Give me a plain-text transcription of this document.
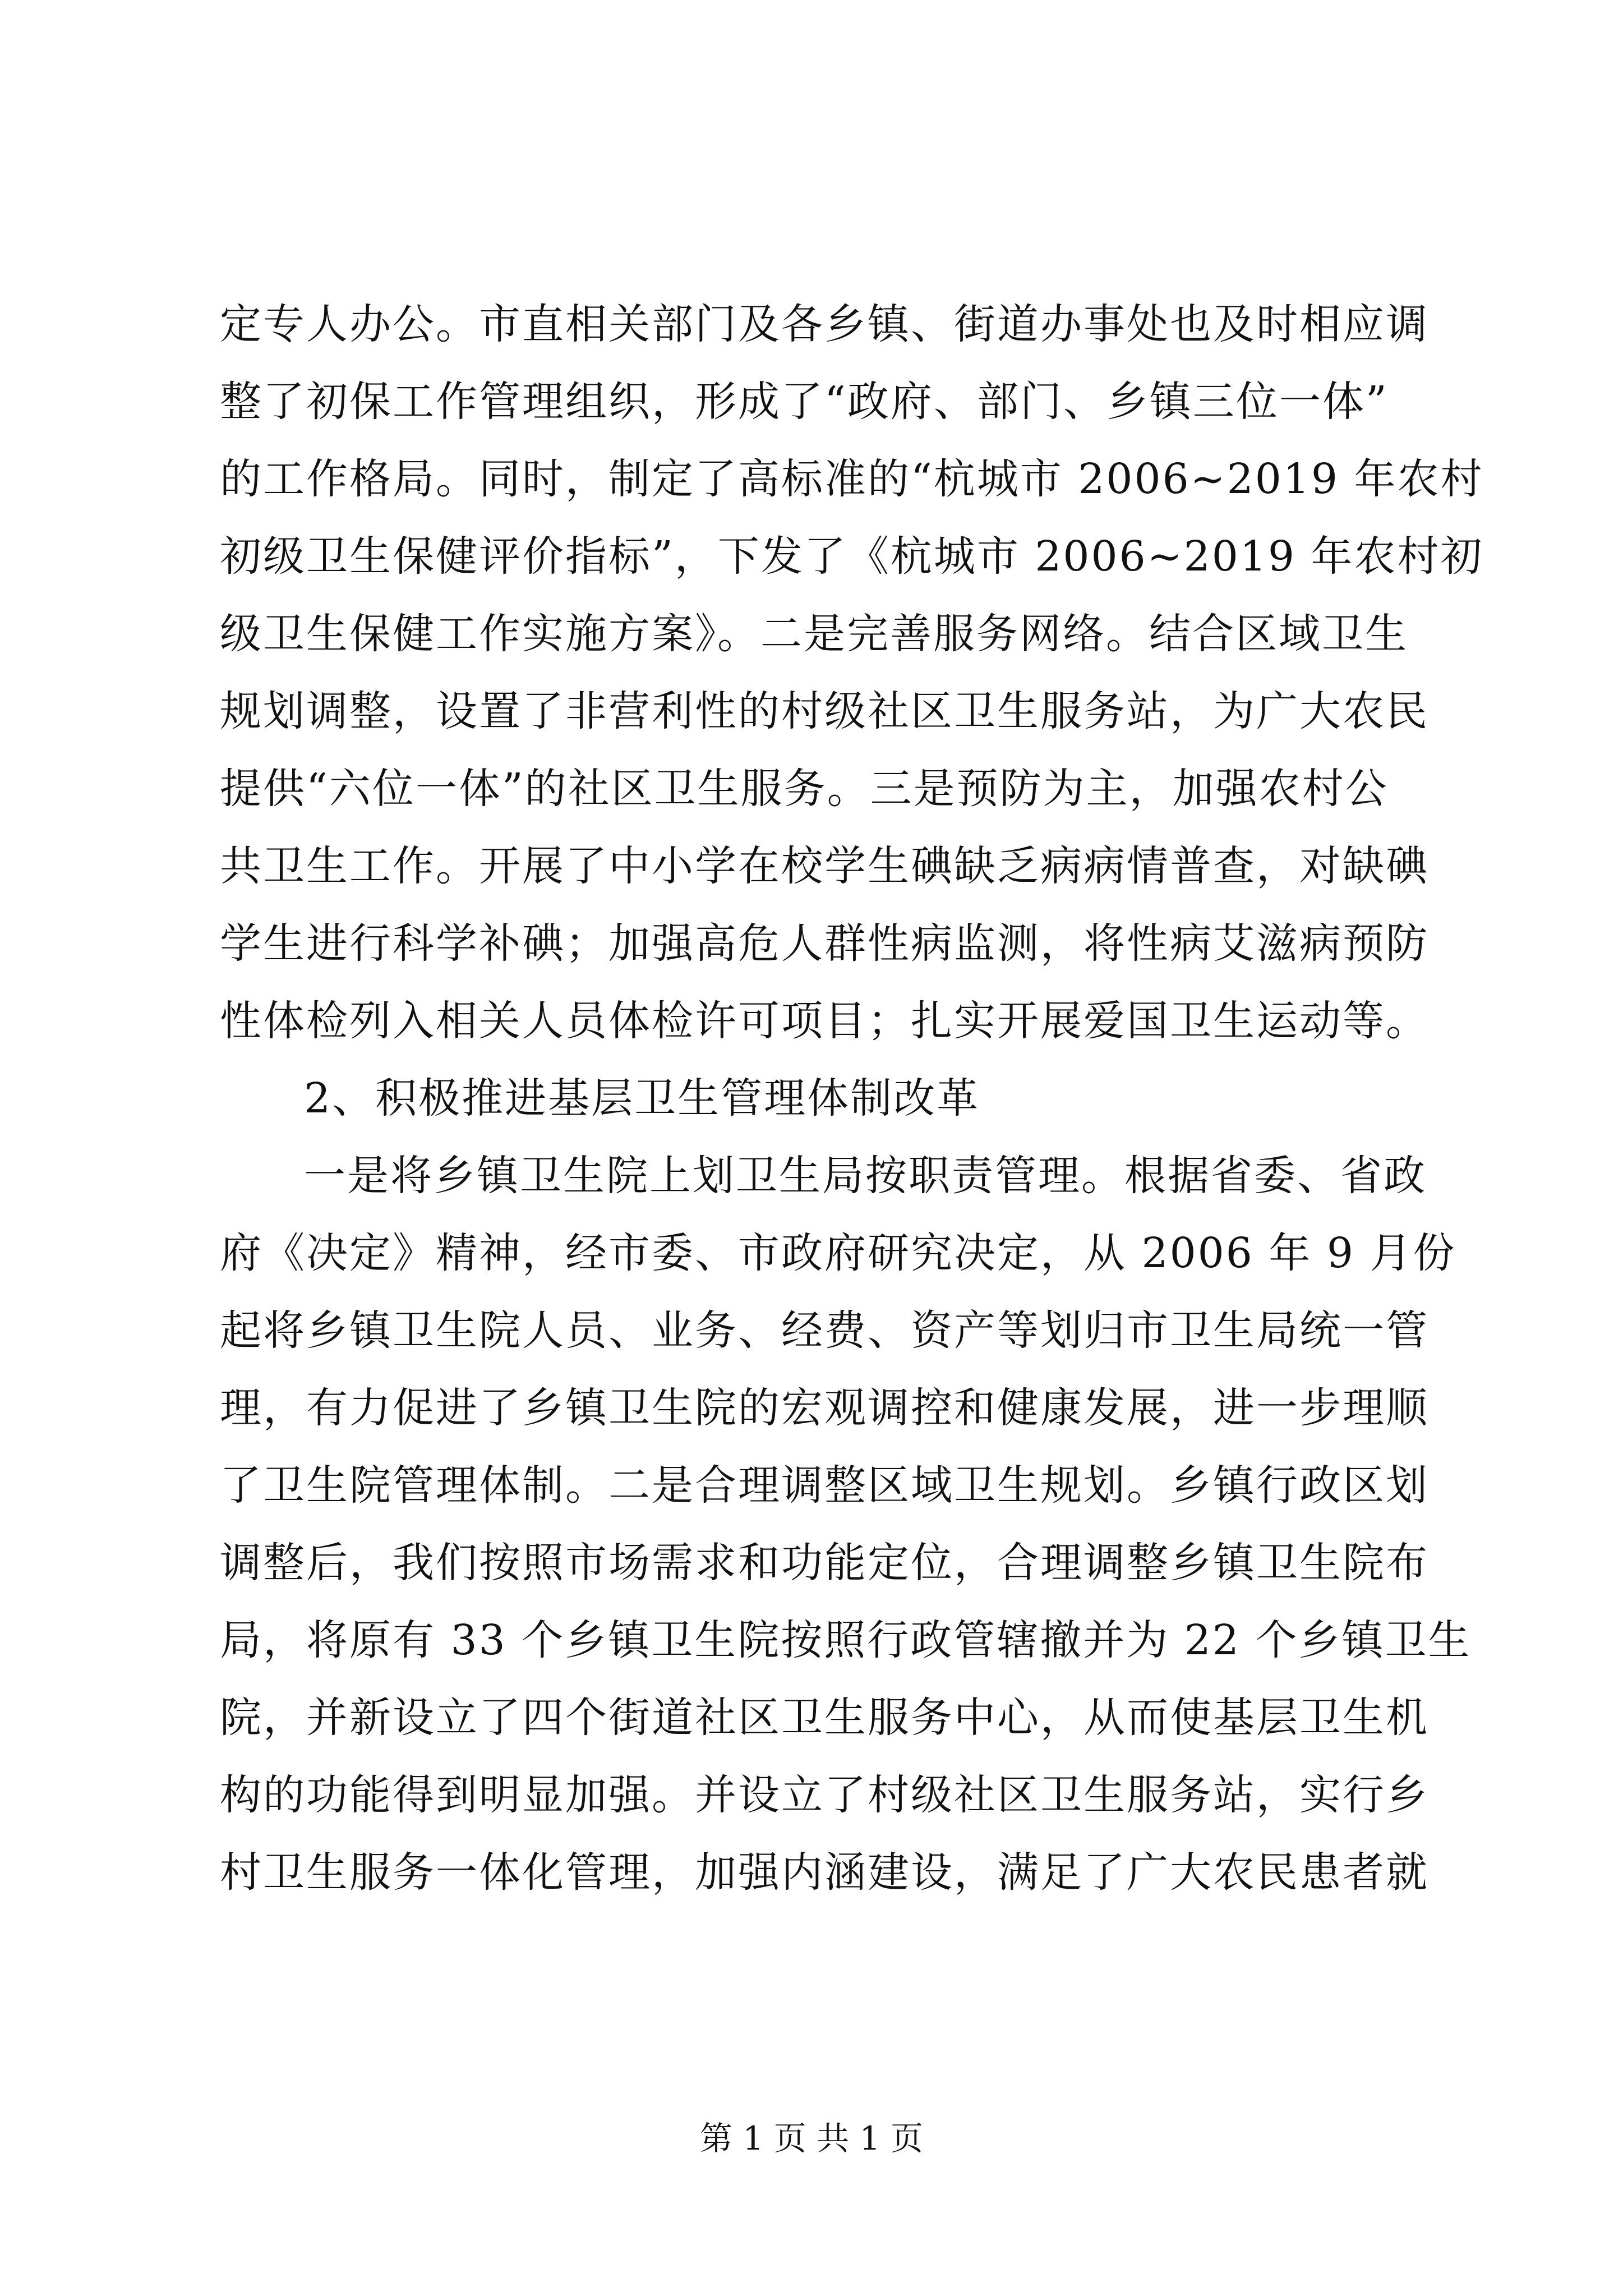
定专人办公。市直相关部门及各乡镇、街道办事处也及时相应调
整了初保工作管理组织，形成了“政府、部门、乡镇三位一体”
的工作格局。同时，制定了高标准的“杭城市 2006~2019 年农村
初级卫生保健评价指标”，下发了《杭城市 2006~2019 年农村初
级卫生保健工作实施方案》。二是完善服务网络。结合区域卫生
规划调整，设置了非营利性的村级社区卫生服务站，为广大农民
提供“六位一体”的社区卫生服务。三是预防为主，加强农村公
共卫生工作。开展了中小学在校学生碘缺乏病病情普查，对缺碘
学生进行科学补碘；加强高危人群性病监测，将性病艾滋病预防
性体检列入相关人员体检许可项目；扎实开展爱国卫生运动等。
2、积极推进基层卫生管理体制改革
一是将乡镇卫生院上划卫生局按职责管理。根据省委、省政
府《决定》精神，经市委、市政府研究决定，从 2006 年 9 月份
起将乡镇卫生院人员、业务、经费、资产等划归市卫生局统一管
理，有力促进了乡镇卫生院的宏观调控和健康发展，进一步理顺
了卫生院管理体制。二是合理调整区域卫生规划。乡镇行政区划
调整后，我们按照市场需求和功能定位，合理调整乡镇卫生院布
局，将原有 33 个乡镇卫生院按照行政管辖撤并为 22 个乡镇卫生
院，并新设立了四个街道社区卫生服务中心，从而使基层卫生机
构的功能得到明显加强。并设立了村级社区卫生服务站，实行乡
村卫生服务一体化管理，加强内涵建设，满足了广大农民患者就
第 1 页 共 1 页
